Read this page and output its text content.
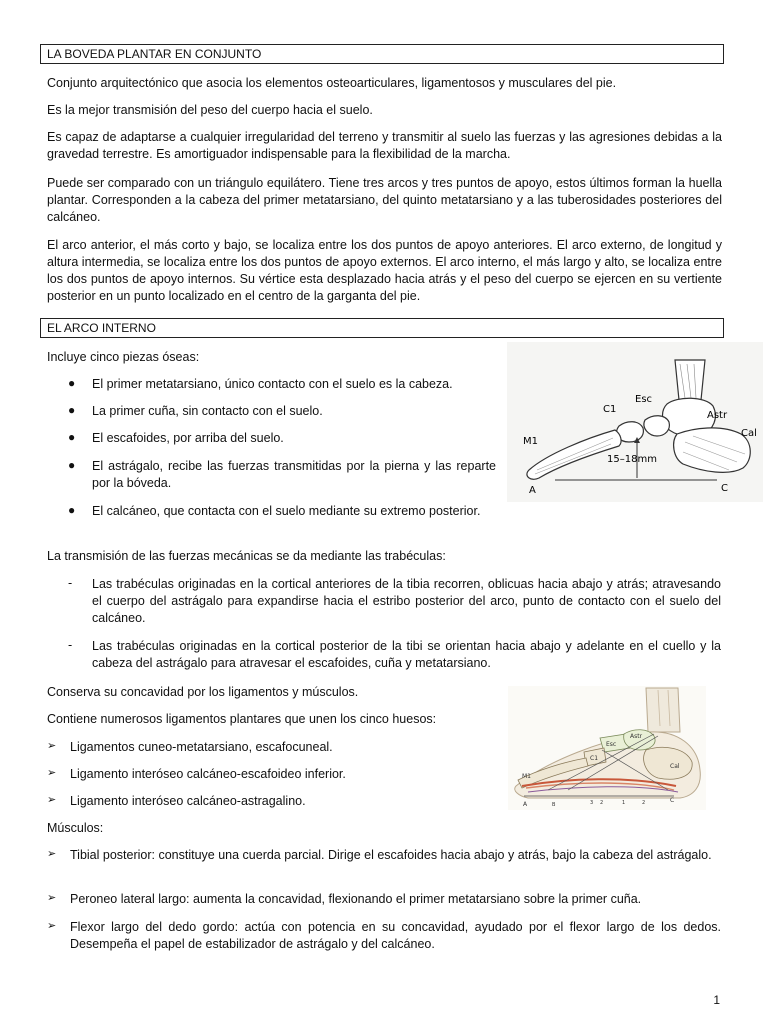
LA BOVEDA PLANTAR EN CONJUNTO
Conjunto arquitectónico que asocia los elementos osteoarticulares, ligamentosos y musculares del pie.
Es la mejor transmisión del peso del cuerpo hacia el suelo.
Es capaz de adaptarse a cualquier irregularidad del terreno y transmitir al suelo las fuerzas y las agresiones debidas a la gravedad terrestre. Es amortiguador indispensable para la flexibilidad de la marcha.
Puede ser comparado con un triángulo equilátero. Tiene tres arcos y tres puntos de apoyo, estos últimos forman la huella plantar. Corresponden a la cabeza del primer metatarsiano, del quinto metatarsiano y a las tuberosidades posteriores del calcáneo.
El arco anterior, el más corto y bajo, se localiza entre los dos puntos de apoyo anteriores. El arco externo, de longitud y altura intermedia, se localiza entre los dos puntos de apoyo externos. El arco interno, el más largo y alto, se localiza entre los dos puntos de apoyo internos. Su vértice esta desplazado hacia atrás y el peso del cuerpo se ejercen en su vertiente posterior en un punto localizado en el centro de la garganta del pie.
EL ARCO INTERNO
Incluye cinco piezas óseas:
● El primer metatarsiano, único contacto con el suelo es la cabeza.
● La primer cuña, sin contacto con el suelo.
● El escafoides, por arriba del suelo.
● El astrágalo, recibe las fuerzas transmitidas por la pierna y las reparte por la bóveda.
● El calcáneo, que contacta con el suelo mediante su extremo posterior.
Esc
C1
Astr
Cal
M1
15–18mm
A	C
La transmisión de las fuerzas mecánicas se da mediante las trabéculas:
- Las trabéculas originadas en la cortical anteriores de la tibia recorren, oblicuas hacia abajo y atrás; atravesando el cuerpo del astrágalo para expandirse hacia el estribo posterior del arco, punto de contacto con el suelo del calcáneo.
- Las trabéculas originadas en la cortical posterior de la tibi se orientan hacia abajo y adelante en el cuello y la cabeza del astrágalo para atravesar el escafoides, cuña y metatarsiano.
Conserva su concavidad por los ligamentos y músculos.
Contiene numerosos ligamentos plantares que unen los cinco huesos:
➢ Ligamentos cuneo-metatarsiano, escafocuneal.
➢ Ligamento interóseo calcáneo-escafoideo inferior.
➢ Ligamento interóseo calcáneo-astragalino.
Esc
Astr
C1
Cal
M1
A	B	3 2	1	2	C
Músculos:
➢ Tibial posterior: constituye una cuerda parcial. Dirige el escafoides hacia abajo y atrás, bajo la cabeza del astrágalo.
➢ Peroneo lateral largo: aumenta la concavidad, flexionando el primer metatarsiano sobre la primer cuña.
➢ Flexor largo del dedo gordo: actúa con potencia en su concavidad, ayudado por el flexor largo de los dedos. Desempeña el papel de estabilizador de astrágalo y del calcáneo.
1
